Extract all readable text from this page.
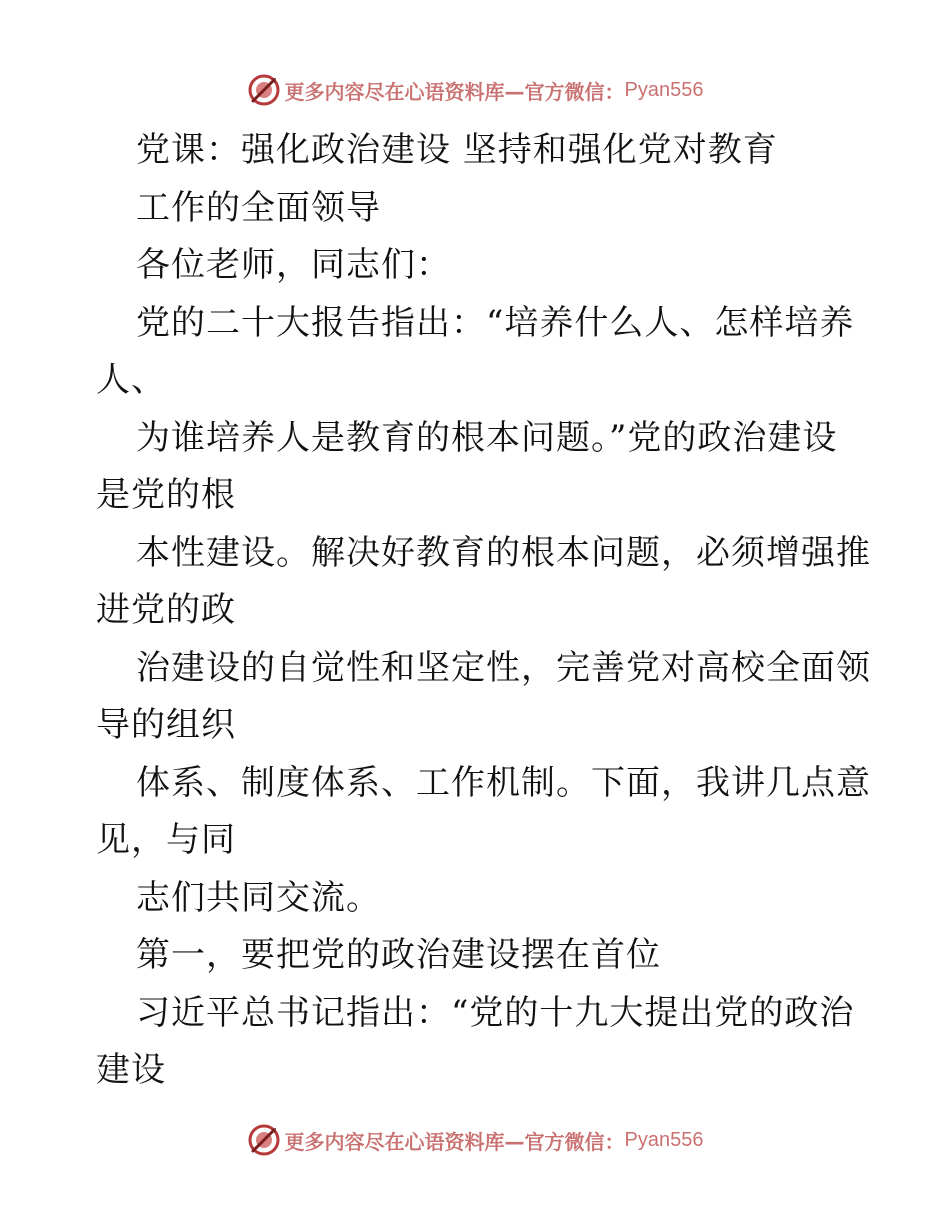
更多内容尽在心语资料库—官方微信： Pyan556
党课：强化政治建设 坚持和强化党对教育
工作的全面领导
各位老师，同志们：
党的二十大报告指出：“培养什么人、怎样培养
人、
为谁培养人是教育的根本问题。”党的政治建设
是党的根
本性建设。解决好教育的根本问题，必须增强推
进党的政
治建设的自觉性和坚定性，完善党对高校全面领
导的组织
体系、制度体系、工作机制。下面，我讲几点意
见，与同
志们共同交流。
第一，要把党的政治建设摆在首位
习近平总书记指出：“党的十九大提出党的政治
建设
更多内容尽在心语资料库—官方微信： Pyan556
